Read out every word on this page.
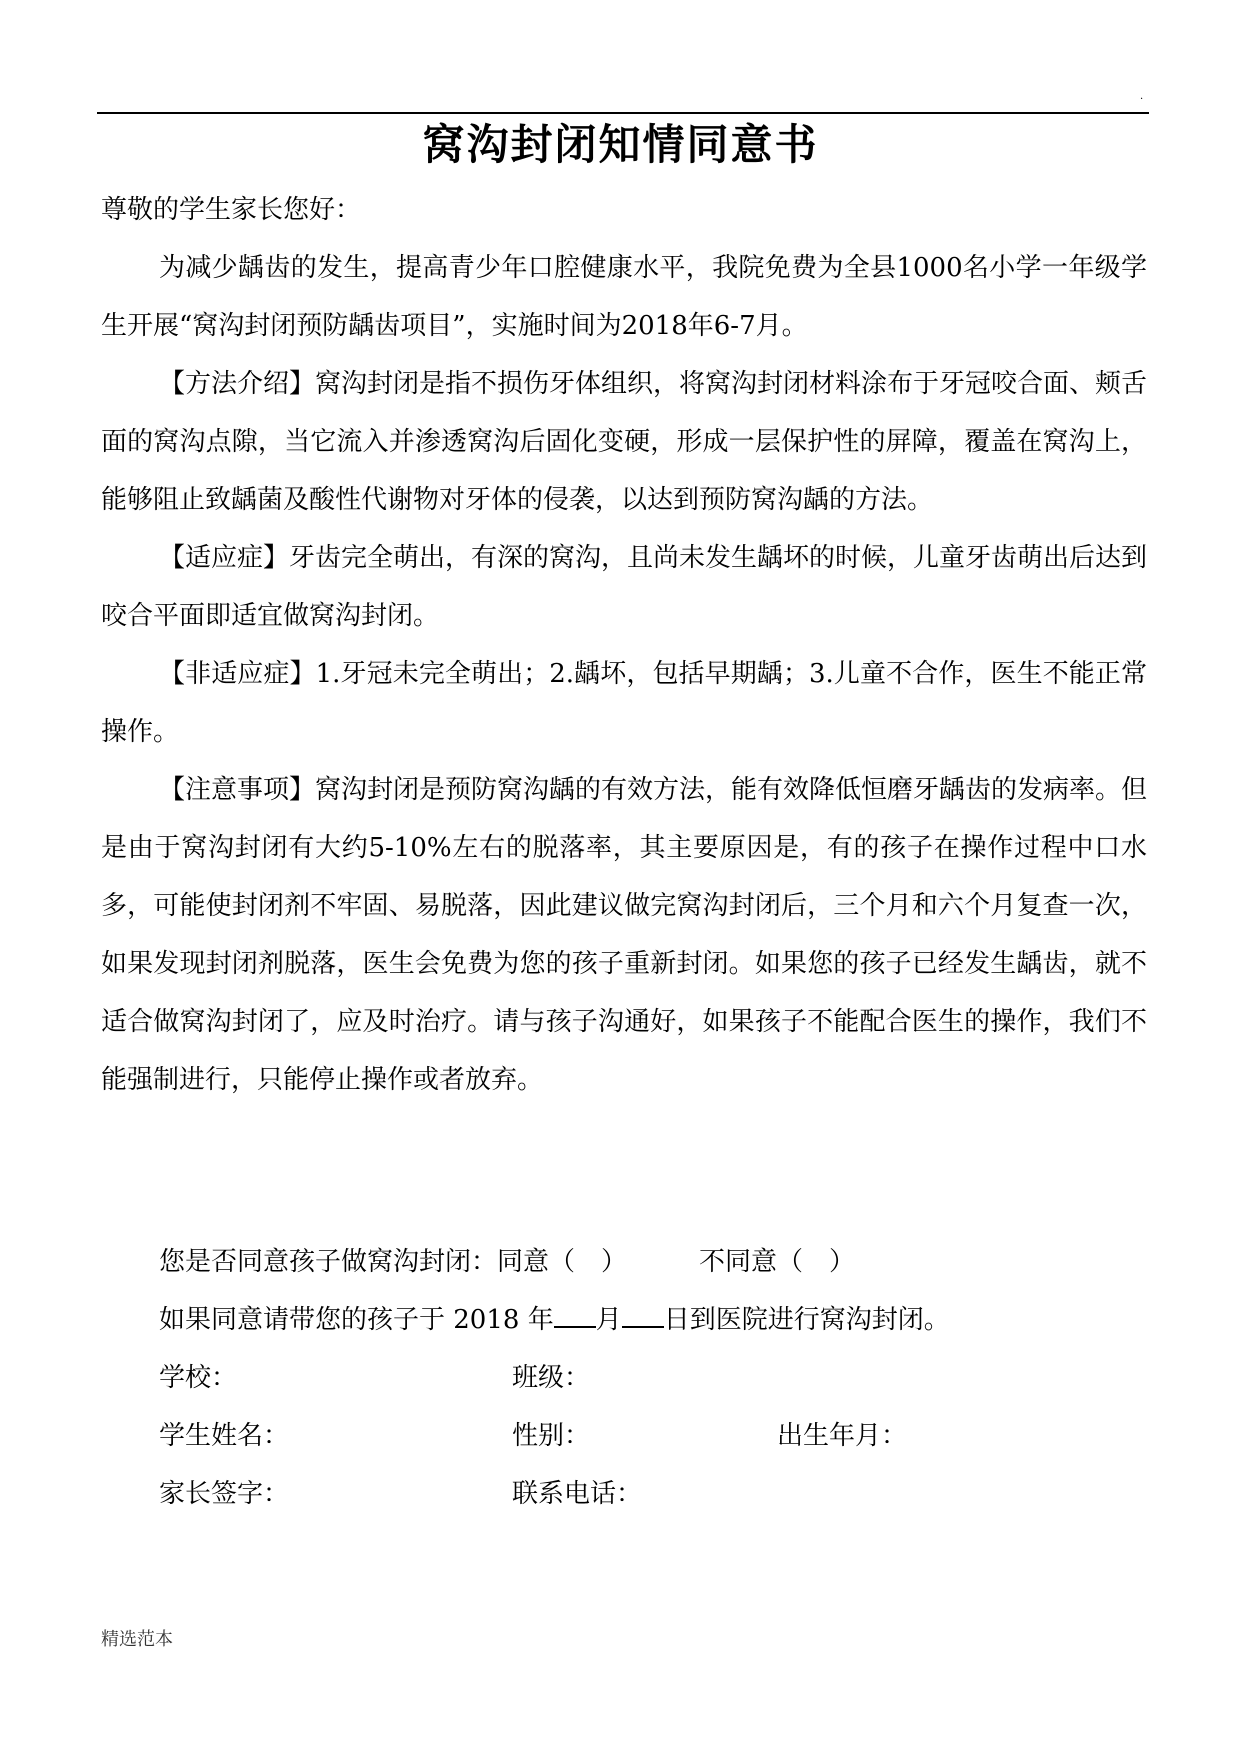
.
窝沟封闭知情同意书
尊敬的学生家长您好：

为减少龋齿的发生，提高青少年口腔健康水平，我院免费为全县1000名小学一年级学生开展“窝沟封闭预防龋齿项目”，实施时间为2018年6-7月。

【方法介绍】窝沟封闭是指不损伤牙体组织，将窝沟封闭材料涂布于牙冠咬合面、颊舌面的窝沟点隙，当它流入并渗透窝沟后固化变硬，形成一层保护性的屏障，覆盖在窝沟上，能够阻止致龋菌及酸性代谢物对牙体的侵袭，以达到预防窝沟龋的方法。

【适应症】牙齿完全萌出，有深的窝沟，且尚未发生龋坏的时候，儿童牙齿萌出后达到咬合平面即适宜做窝沟封闭。

【非适应症】1.牙冠未完全萌出；2.龋坏，包括早期龋；3.儿童不合作，医生不能正常操作。

【注意事项】窝沟封闭是预防窝沟龋的有效方法，能有效降低恒磨牙龋齿的发病率。但是由于窝沟封闭有大约5-10%左右的脱落率，其主要原因是，有的孩子在操作过程中口水多，可能使封闭剂不牢固、易脱落，因此建议做完窝沟封闭后，三个月和六个月复查一次，如果发现封闭剂脱落，医生会免费为您的孩子重新封闭。如果您的孩子已经发生龋齿，就不适合做窝沟封闭了，应及时治疗。请与孩子沟通好，如果孩子不能配合医生的操作，我们不能强制进行，只能停止操作或者放弃。

您是否同意孩子做窝沟封闭：同意（　）	不同意（　）
如果同意请带您的孩子于 2018 年 月 日到医院进行窝沟封闭。
学校：	班级：
学生姓名：	性别：	出生年月：
家长签字：	联系电话：
精选范本
